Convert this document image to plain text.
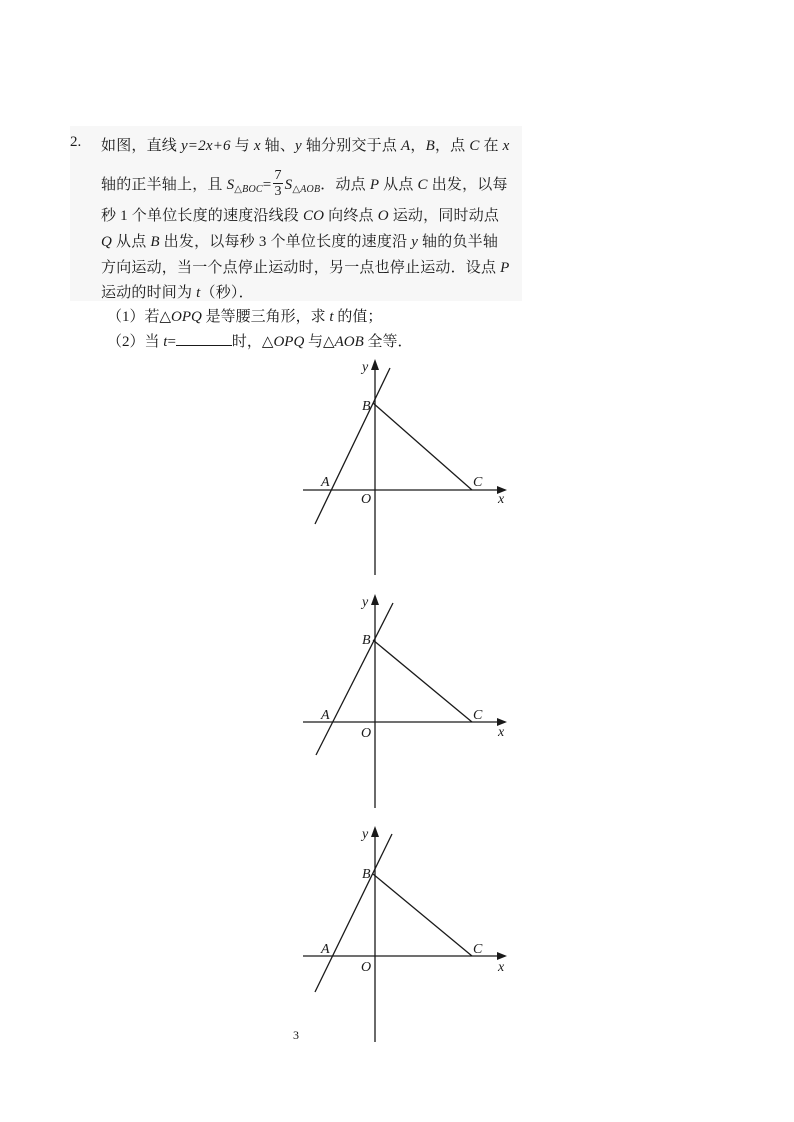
2. 如图，直线 y=2x+6 与 x 轴、y 轴分别交于点 A，B，点 C 在 x
轴的正半轴上，且 $S_{\triangle BOC}= \frac{7}{3} S_{\triangle AOB}$．动点 P 从点 C 出发，以每
秒 1 个单位长度的速度沿线段 CO 向终点 O 运动，同时动点
Q 从点 B 出发，以每秒 3 个单位长度的速度沿 y 轴的负半轴
方向运动，当一个点停止运动时，另一点也停止运动．设点 P
运动的时间为 t（秒）．
（1）若△OPQ 是等腰三角形，求 t 的值；
（2）当 t=	时，△OPQ 与△AOB 全等．
y
B
A
O
C
x
y
B
A
O
C
x
y
B
A
O
C
x
3
